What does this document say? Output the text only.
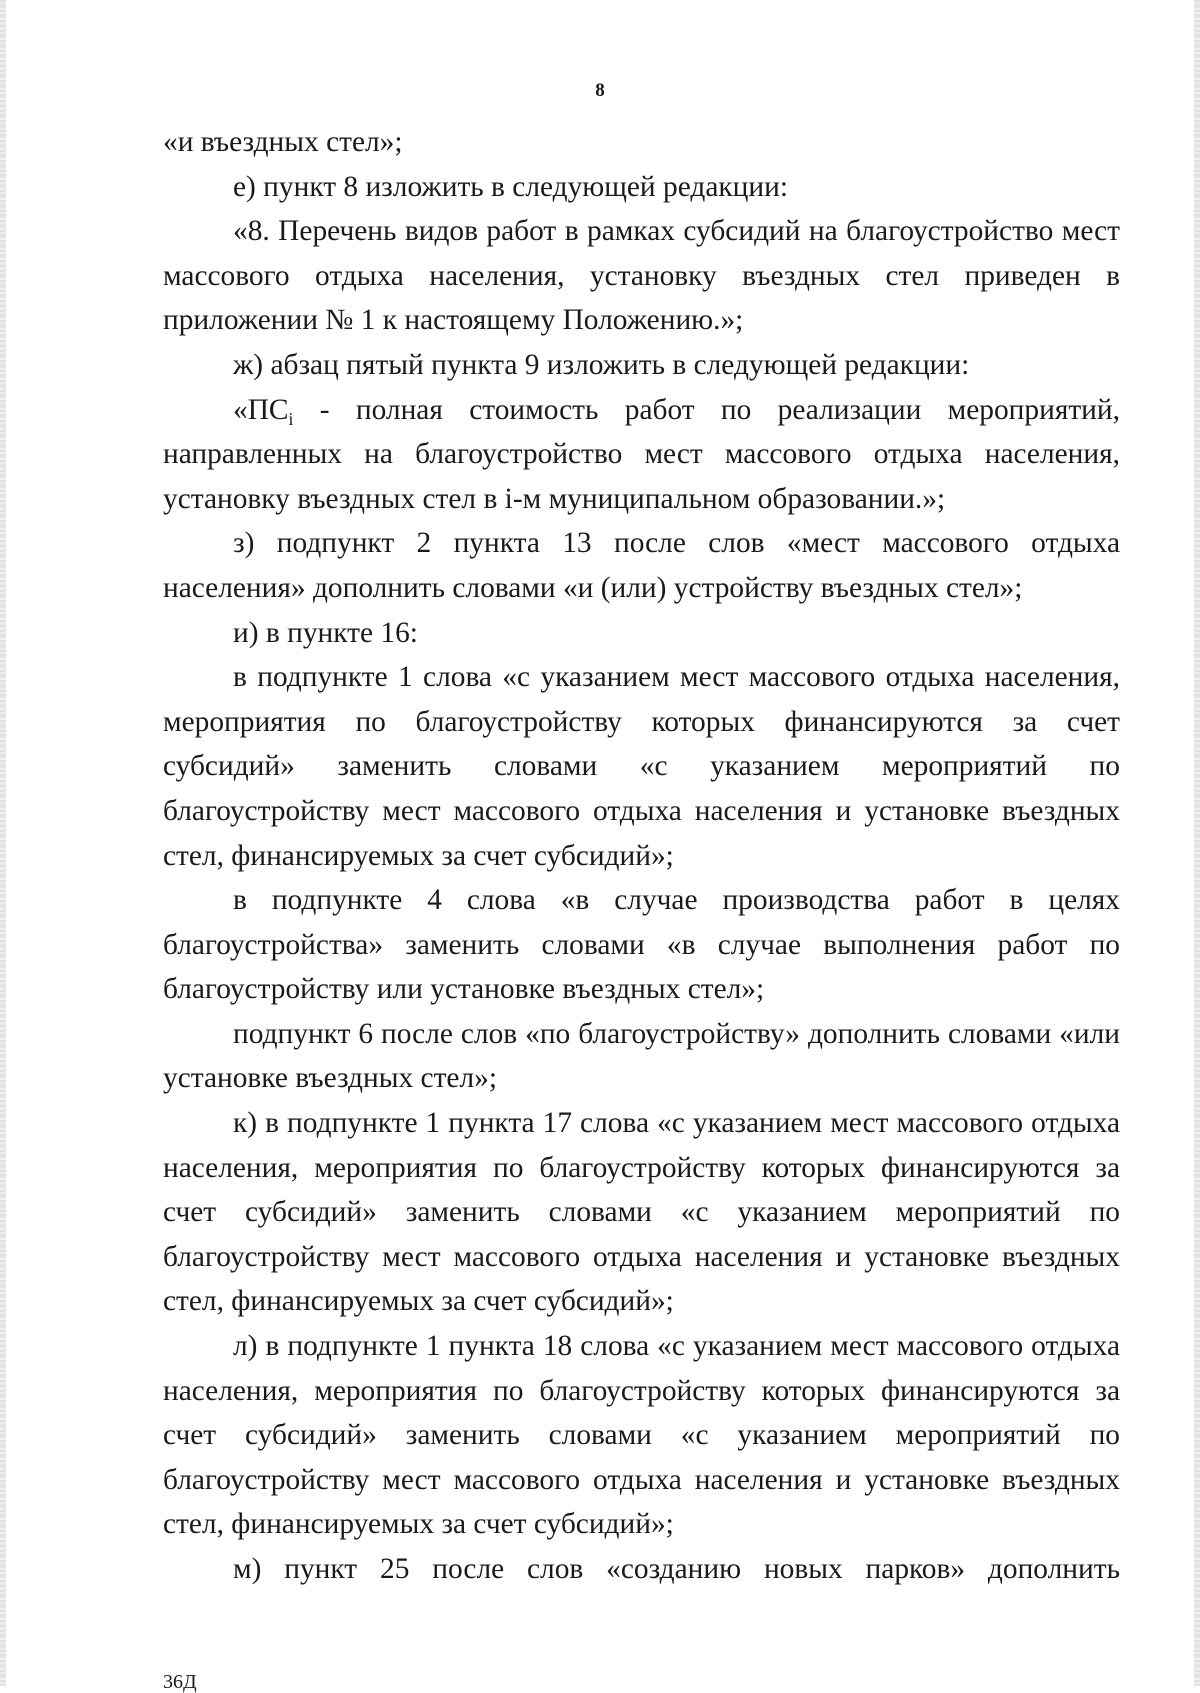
8

«и въездных стел»;

е) пункт 8 изложить в следующей редакции:

«8. Перечень видов работ в рамках субсидий на благоустройство мест массового отдыха населения, установку въездных стел приведен в приложении № 1 к настоящему Положению.»;

ж) абзац пятый пункта 9 изложить в следующей редакции:

«$ПС_i$ - полная стоимость работ по реализации мероприятий, направленных на благоустройство мест массового отдыха населения, установку въездных стел в i-м муниципальном образовании.»;

з) подпункт 2 пункта 13 после слов «мест массового отдыха населения» дополнить словами «и (или) устройству въездных стел»;

и) в пункте 16:

в подпункте 1 слова «с указанием мест массового отдыха населения, мероприятия по благоустройству которых финансируются за счет субсидий» заменить словами «с указанием мероприятий по благоустройству мест массового отдыха населения и установке въездных стел, финансируемых за счет субсидий»;

в подпункте 4 слова «в случае производства работ в целях благоустройства» заменить словами «в случае выполнения работ по благоустройству или установке въездных стел»;

подпункт 6 после слов «по благоустройству» дополнить словами «или установке въездных стел»;

к) в подпункте 1 пункта 17 слова «с указанием мест массового отдыха населения, мероприятия по благоустройству которых финансируются за счет субсидий» заменить словами «с указанием мероприятий по благоустройству мест массового отдыха населения и установке въездных стел, финансируемых за счет субсидий»;

л) в подпункте 1 пункта 18 слова «с указанием мест массового отдыха населения, мероприятия по благоустройству которых финансируются за счет субсидий» заменить словами «с указанием мероприятий по благоустройству мест массового отдыха населения и установке въездных стел, финансируемых за счет субсидий»;

м) пункт 25 после слов «созданию новых парков» дополнить

36Д
